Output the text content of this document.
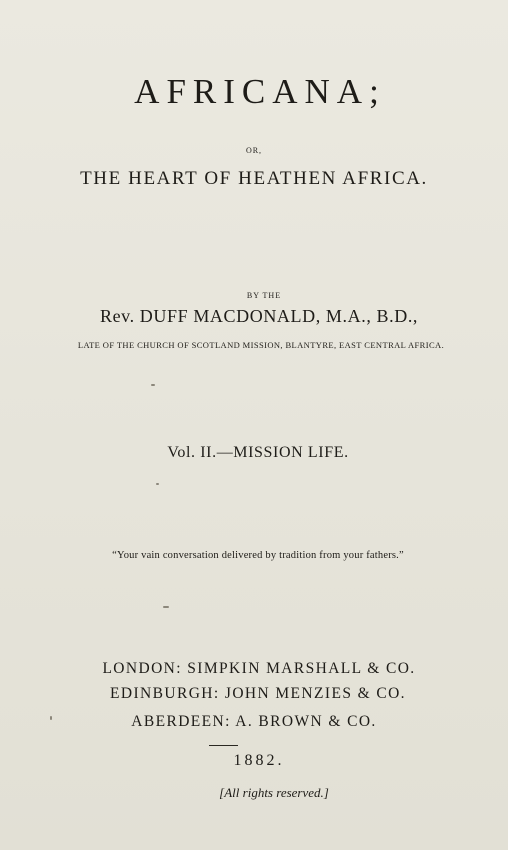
AFRICANA;
OR,
THE HEART OF HEATHEN AFRICA.
BY THE
Rev. DUFF MACDONALD, M.A., B.D.,
LATE OF THE CHURCH OF SCOTLAND MISSION, BLANTYRE, EAST CENTRAL AFRICA.
Vol. II.—MISSION LIFE.
“Your vain conversation delivered by tradition from your fathers.”
LONDON: SIMPKIN MARSHALL & CO.
EDINBURGH: JOHN MENZIES & CO.
ABERDEEN: A. BROWN & CO.
1882.
[All rights reserved.]
